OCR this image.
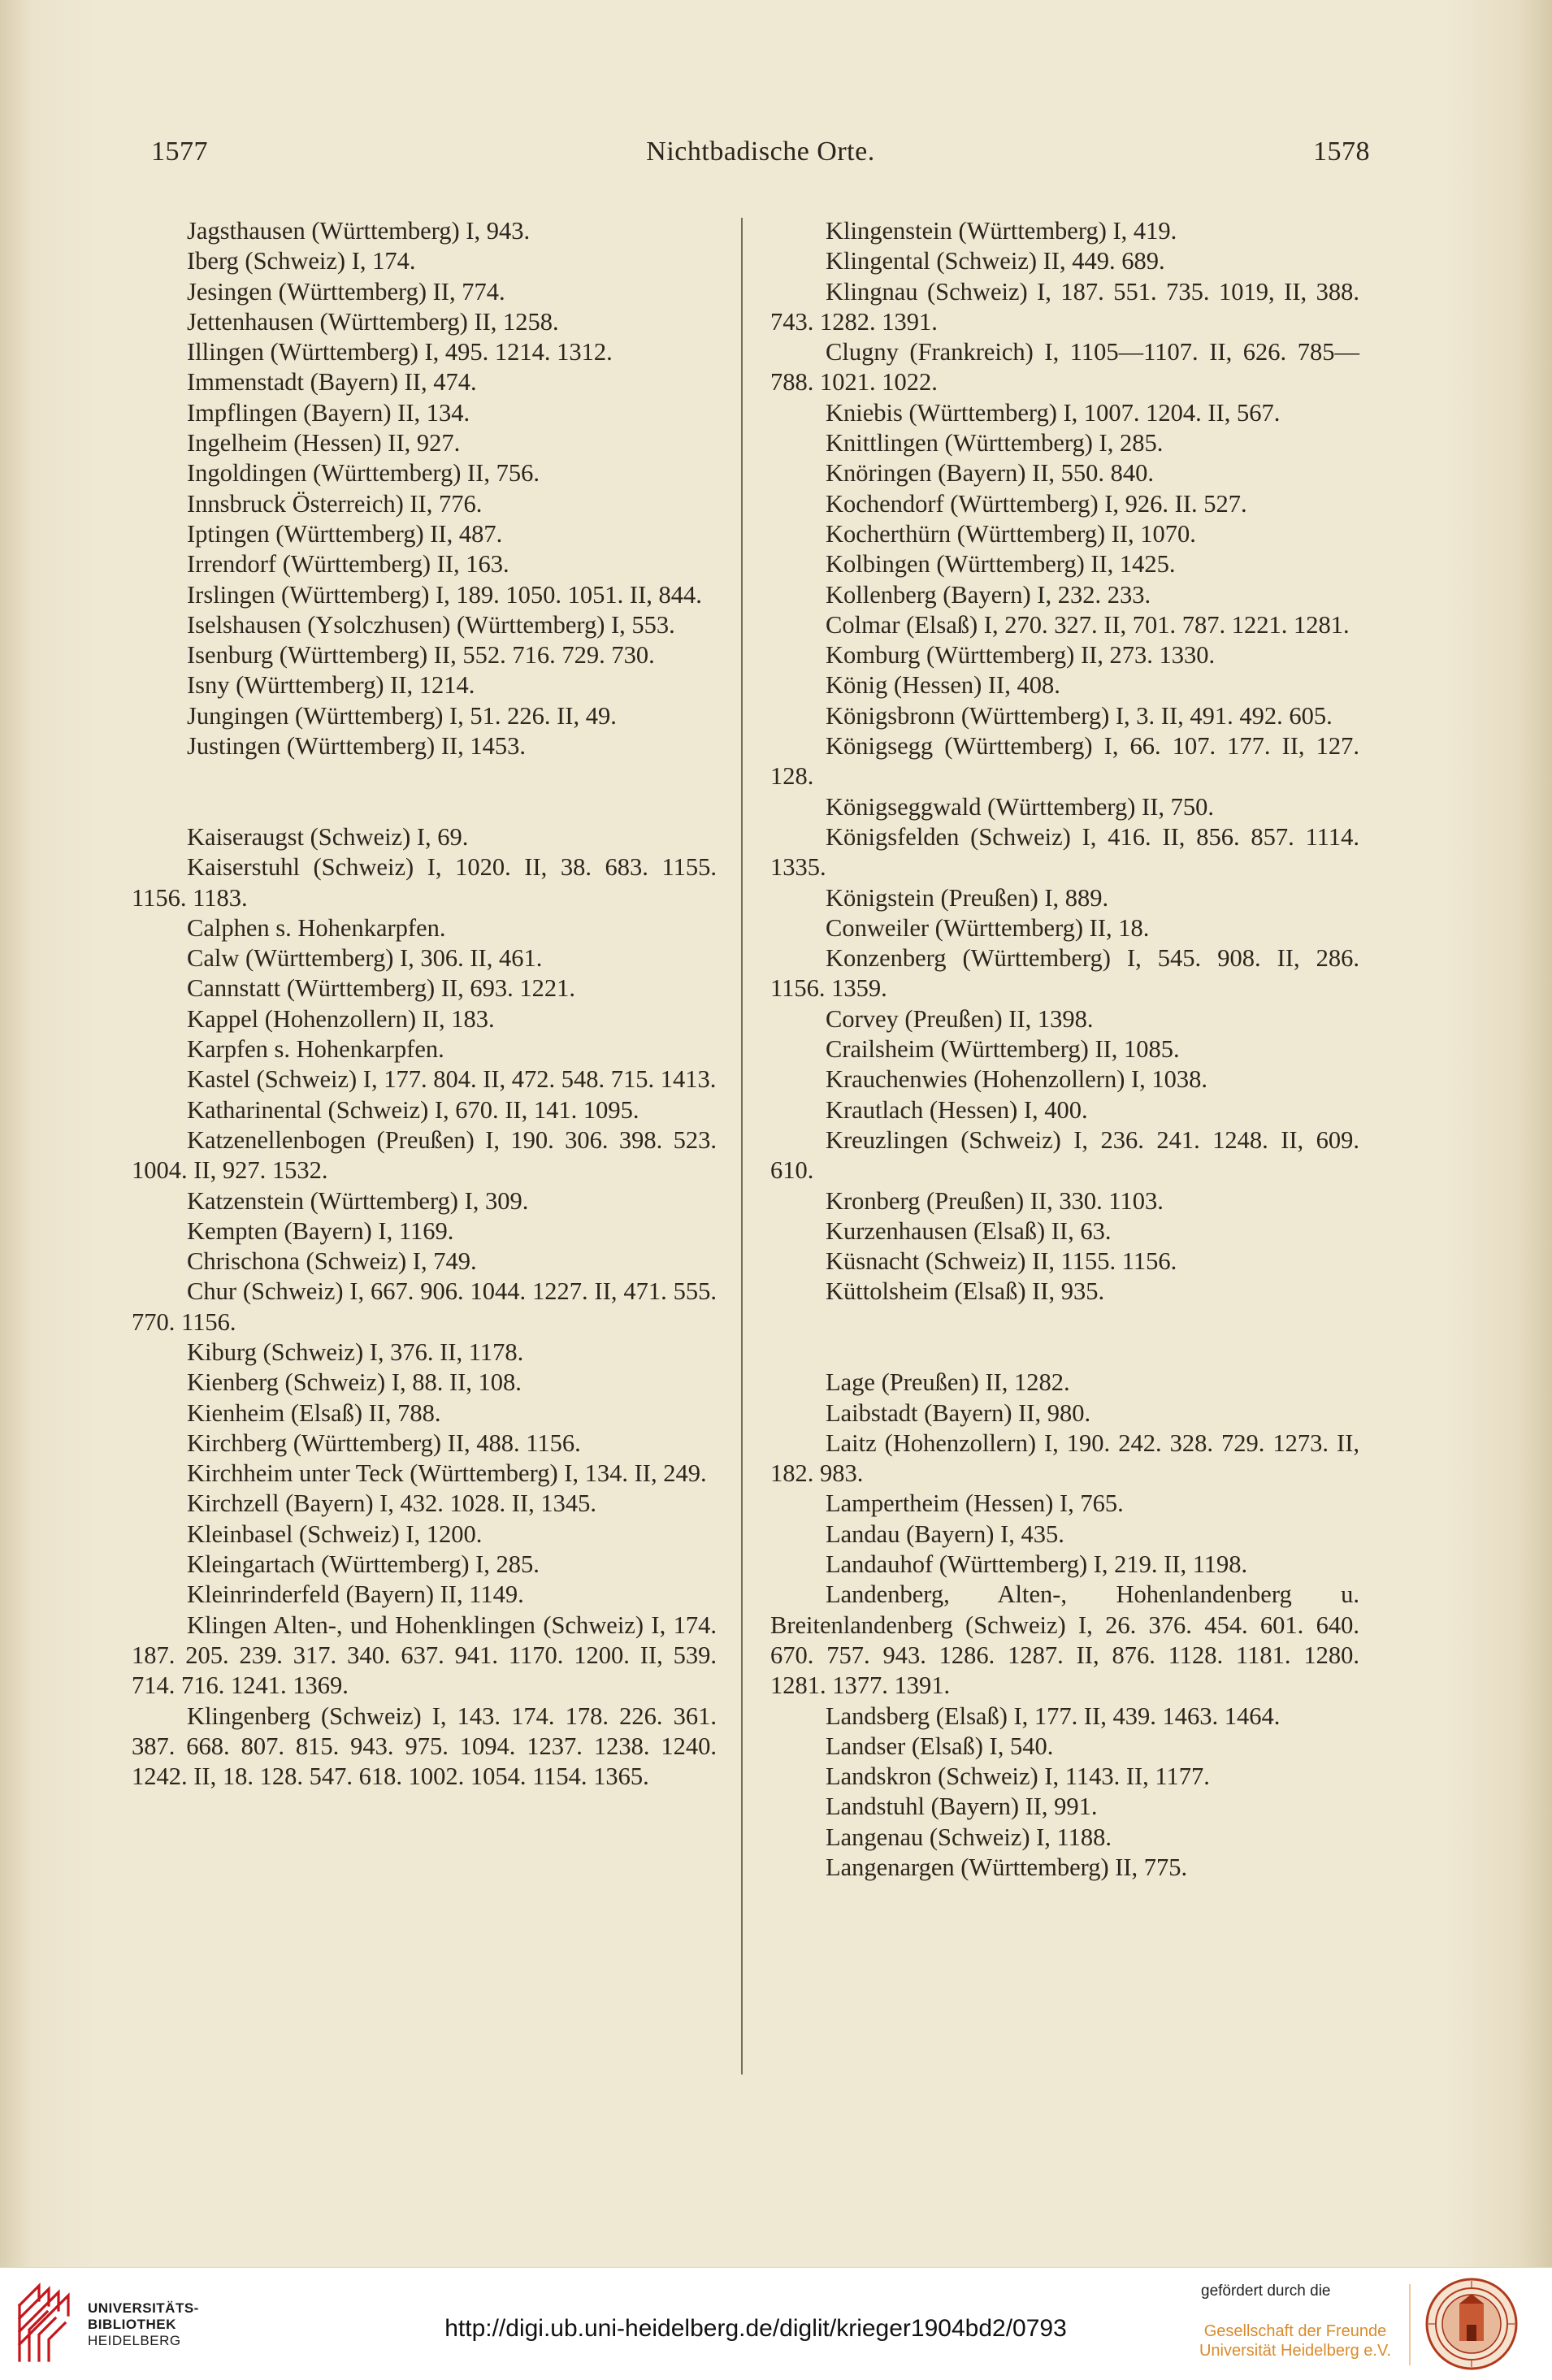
1577	Nichtbadische Orte.	1578
Jagsthausen (Württemberg) I, 943.
Iberg (Schweiz) I, 174.
Jesingen (Württemberg) II, 774.
Jettenhausen (Württemberg) II, 1258.
Illingen (Württemberg) I, 495. 1214. 1312.
Immenstadt (Bayern) II, 474.
Impflingen (Bayern) II, 134.
Ingelheim (Hessen) II, 927.
Ingoldingen (Württemberg) II, 756.
Innsbruck Österreich) II, 776.
Iptingen (Württemberg) II, 487.
Irrendorf (Württemberg) II, 163.
Irslingen (Württemberg) I, 189. 1050. 1051. II, 844.
Iselshausen (Ysolczhusen) (Württemberg) I, 553.
Isenburg (Württemberg) II, 552. 716. 729. 730.
Isny (Württemberg) II, 1214.
Jungingen (Württemberg) I, 51. 226. II, 49.
Justingen (Württemberg) II, 1453.
Kaiseraugst (Schweiz) I, 69.
Kaiserstuhl (Schweiz) I, 1020. II, 38. 683. 1155. 1156. 1183.
Calphen s. Hohenkarpfen.
Calw (Württemberg) I, 306. II, 461.
Cannstatt (Württemberg) II, 693. 1221.
Kappel (Hohenzollern) II, 183.
Karpfen s. Hohenkarpfen.
Kastel (Schweiz) I, 177. 804. II, 472. 548. 715. 1413.
Katharinental (Schweiz) I, 670. II, 141. 1095.
Katzenellenbogen (Preußen) I, 190. 306. 398. 523. 1004. II, 927. 1532.
Katzenstein (Württemberg) I, 309.
Kempten (Bayern) I, 1169.
Chrischona (Schweiz) I, 749.
Chur (Schweiz) I, 667. 906. 1044. 1227. II, 471. 555. 770. 1156.
Kiburg (Schweiz) I, 376. II, 1178.
Kienberg (Schweiz) I, 88. II, 108.
Kienheim (Elsaß) II, 788.
Kirchberg (Württemberg) II, 488. 1156.
Kirchheim unter Teck (Württemberg) I, 134. II, 249.
Kirchzell (Bayern) I, 432. 1028. II, 1345.
Kleinbasel (Schweiz) I, 1200.
Kleingartach (Württemberg) I, 285.
Kleinrinderfeld (Bayern) II, 1149.
Klingen Alten-, und Hohenklingen (Schweiz) I, 174. 187. 205. 239. 317. 340. 637. 941. 1170. 1200. II, 539. 714. 716. 1241. 1369.
Klingenberg (Schweiz) I, 143. 174. 178. 226. 361. 387. 668. 807. 815. 943. 975. 1094. 1237. 1238. 1240. 1242. II, 18. 128. 547. 618. 1002. 1054. 1154. 1365.
Klingenstein (Württemberg) I, 419.
Klingental (Schweiz) II, 449. 689.
Klingnau (Schweiz) I, 187. 551. 735. 1019, II, 388. 743. 1282. 1391.
Clugny (Frankreich) I, 1105—1107. II, 626. 785—788. 1021. 1022.
Kniebis (Württemberg) I, 1007. 1204. II, 567.
Knittlingen (Württemberg) I, 285.
Knöringen (Bayern) II, 550. 840.
Kochendorf (Württemberg) I, 926. II. 527.
Kocherthürn (Württemberg) II, 1070.
Kolbingen (Württemberg) II, 1425.
Kollenberg (Bayern) I, 232. 233.
Colmar (Elsaß) I, 270. 327. II, 701. 787. 1221. 1281.
Komburg (Württemberg) II, 273. 1330.
König (Hessen) II, 408.
Königsbronn (Württemberg) I, 3. II, 491. 492. 605.
Königsegg (Württemberg) I, 66. 107. 177. II, 127. 128.
Königseggwald (Württemberg) II, 750.
Königsfelden (Schweiz) I, 416. II, 856. 857. 1114. 1335.
Königstein (Preußen) I, 889.
Conweiler (Württemberg) II, 18.
Konzenberg (Württemberg) I, 545. 908. II, 286. 1156. 1359.
Corvey (Preußen) II, 1398.
Crailsheim (Württemberg) II, 1085.
Krauchenwies (Hohenzollern) I, 1038.
Krautlach (Hessen) I, 400.
Kreuzlingen (Schweiz) I, 236. 241. 1248. II, 609. 610.
Kronberg (Preußen) II, 330. 1103.
Kurzenhausen (Elsaß) II, 63.
Küsnacht (Schweiz) II, 1155. 1156.
Küttolsheim (Elsaß) II, 935.
Lage (Preußen) II, 1282.
Laibstadt (Bayern) II, 980.
Laitz (Hohenzollern) I, 190. 242. 328. 729. 1273. II, 182. 983.
Lampertheim (Hessen) I, 765.
Landau (Bayern) I, 435.
Landauhof (Württemberg) I, 219. II, 1198.
Landenberg, Alten-, Hohenlandenberg u. Breitenlandenberg (Schweiz) I, 26. 376. 454. 601. 640. 670. 757. 943. 1286. 1287. II, 876. 1128. 1181. 1280. 1281. 1377. 1391.
Landsberg (Elsaß) I, 177. II, 439. 1463. 1464.
Landser (Elsaß) I, 540.
Landskron (Schweiz) I, 1143. II, 1177.
Landstuhl (Bayern) II, 991.
Langenau (Schweiz) I, 1188.
Langenargen (Württemberg) II, 775.
UNIVERSITÄTS-
BIBLIOTHEK
HEIDELBERG	http://digi.ub.uni-heidelberg.de/diglit/krieger1904bd2/0793
gefördert durch die
Gesellschaft der Freunde
Universität Heidelberg e.V.
